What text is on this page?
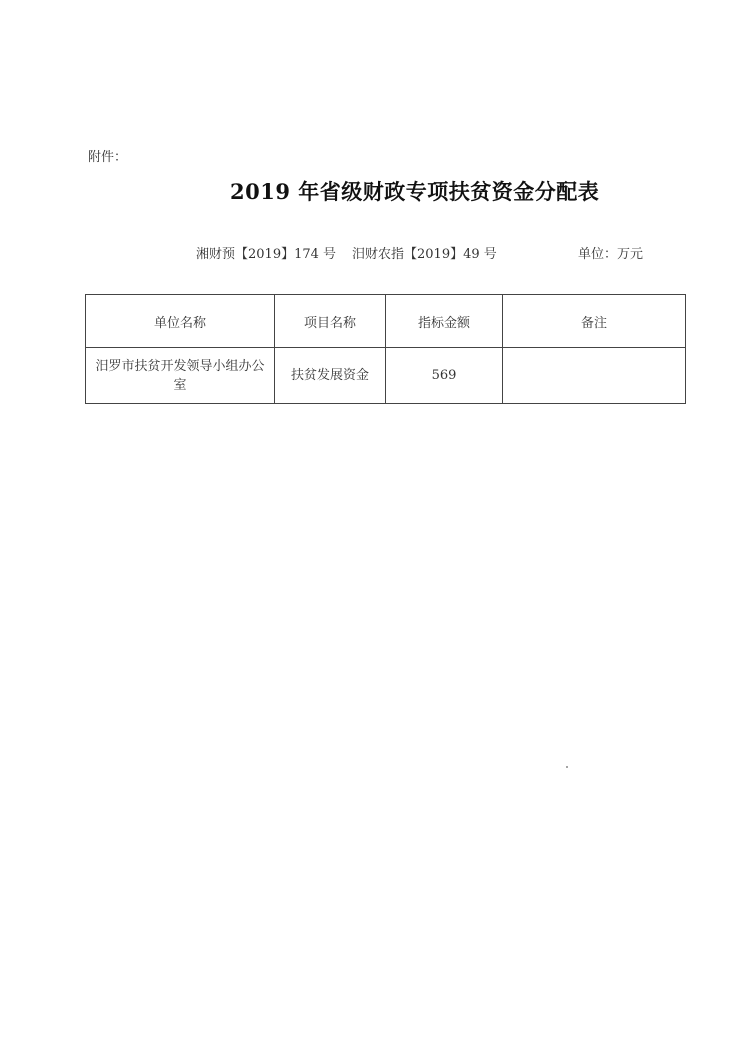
附件：
2019 年省级财政专项扶贫资金分配表
湘财预【2019】174 号 汨财农指【2019】49 号	单位：万元
单位名称	项目名称	指标金额	备注
汨罗市扶贫开发领导小组办公室	扶贫发展资金	569	
